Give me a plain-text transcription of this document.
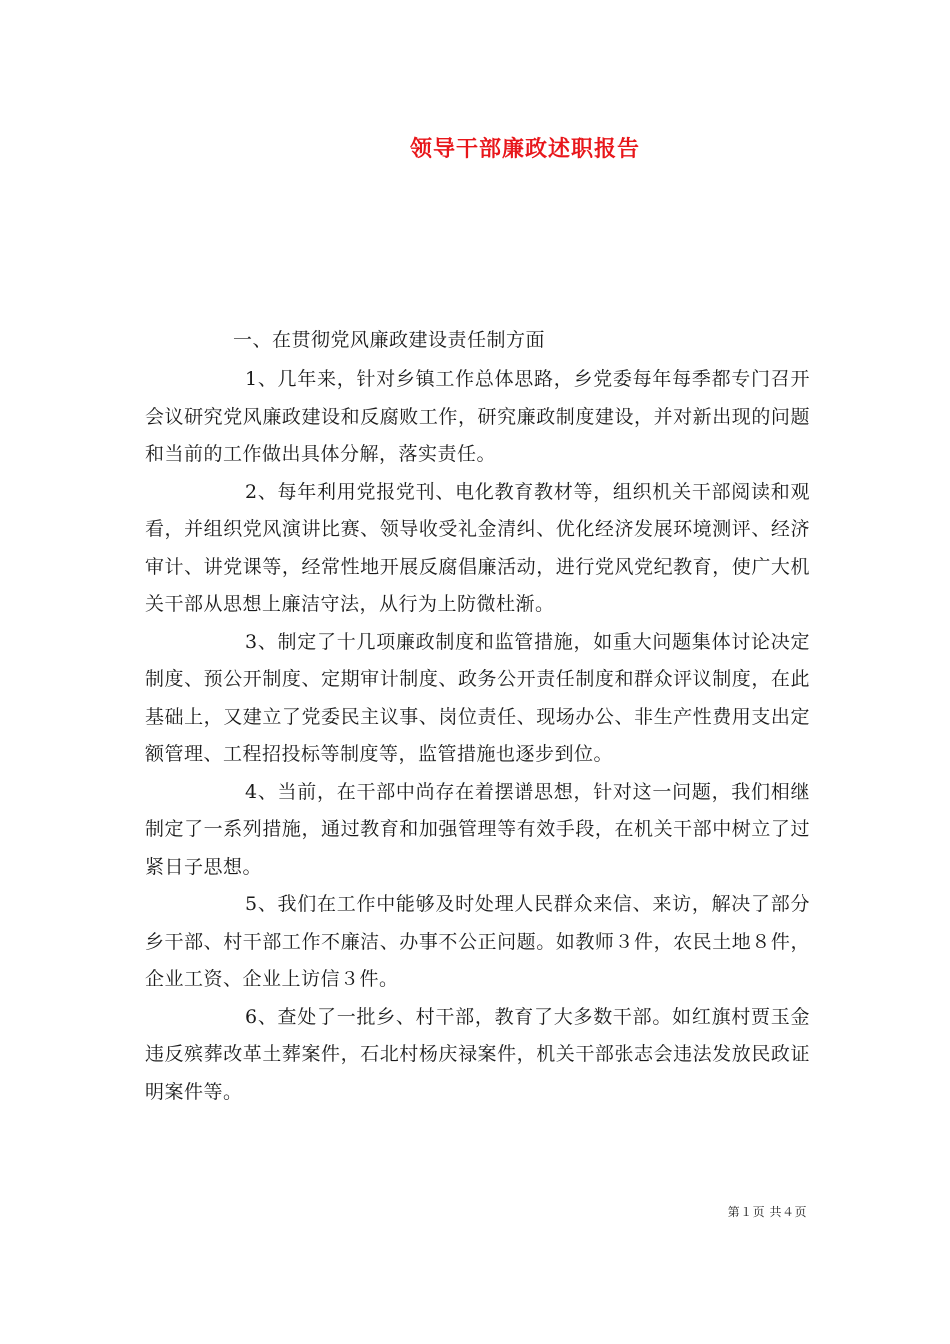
领导干部廉政述职报告
一、在贯彻党风廉政建设责任制方面

1、几年来，针对乡镇工作总体思路，乡党委每年每季都专门召开会议研究党风廉政建设和反腐败工作，研究廉政制度建设，并对新出现的问题和当前的工作做出具体分解，落实责任。

2、每年利用党报党刊、电化教育教材等，组织机关干部阅读和观看，并组织党风演讲比赛、领导收受礼金清纠、优化经济发展环境测评、经济审计、讲党课等，经常性地开展反腐倡廉活动，进行党风党纪教育，使广大机关干部从思想上廉洁守法，从行为上防微杜渐。

3、制定了十几项廉政制度和监管措施，如重大问题集体讨论决定制度、预公开制度、定期审计制度、政务公开责任制度和群众评议制度，在此基础上，又建立了党委民主议事、岗位责任、现场办公、非生产性费用支出定额管理、工程招投标等制度等，监管措施也逐步到位。

4、当前，在干部中尚存在着摆谱思想，针对这一问题，我们相继制定了一系列措施，通过教育和加强管理等有效手段，在机关干部中树立了过紧日子思想。

5、我们在工作中能够及时处理人民群众来信、来访，解决了部分乡干部、村干部工作不廉洁、办事不公正问题。如教师３件，农民土地８件，企业工资、企业上访信３件。

6、查处了一批乡、村干部，教育了大多数干部。如红旗村贾玉金违反殡葬改革土葬案件，石北村杨庆禄案件，机关干部张志会违法发放民政证明案件等。

第１页 共４页
